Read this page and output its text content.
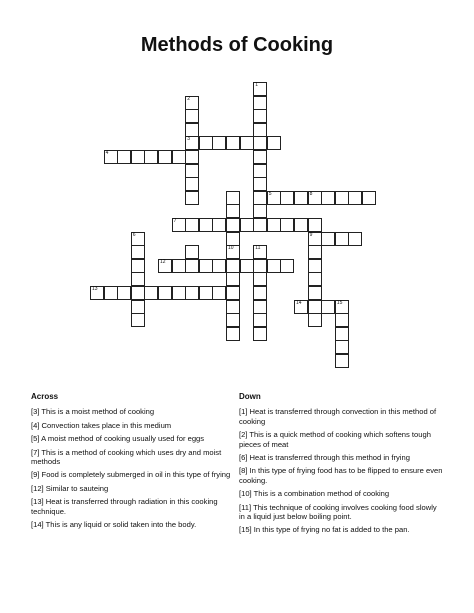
Methods of Cooking
1
2
3
6
10	11
9
4
5	8
7
12
13
14	15
Across
[3] This is a moist method of cooking
[4] Convection takes place in this medium
[5] A moist method of cooking usually used for eggs
[7] This is a method of cooking which uses dry and moist methods
[9] Food is completely submerged in oil in this type of frying
[12] Similar to sauteing
[13] Heat is transferred through radiation in this cooking technique.
[14] This is any liquid or solid taken into the body.
Down
[1] Heat is transferred through convection in this method of cooking
[2] This is a quick method of cooking which softens tough pieces of meat
[6] Heat is transferred through this method in frying
[8] In this type of frying food has to be flipped to ensure even cooking.
[10] This is a combination method of cooking
[11] This technique of cooking involves cooking food slowly in a liquid just below boiling point.
[15] In this type of frying no fat is added to the pan.
